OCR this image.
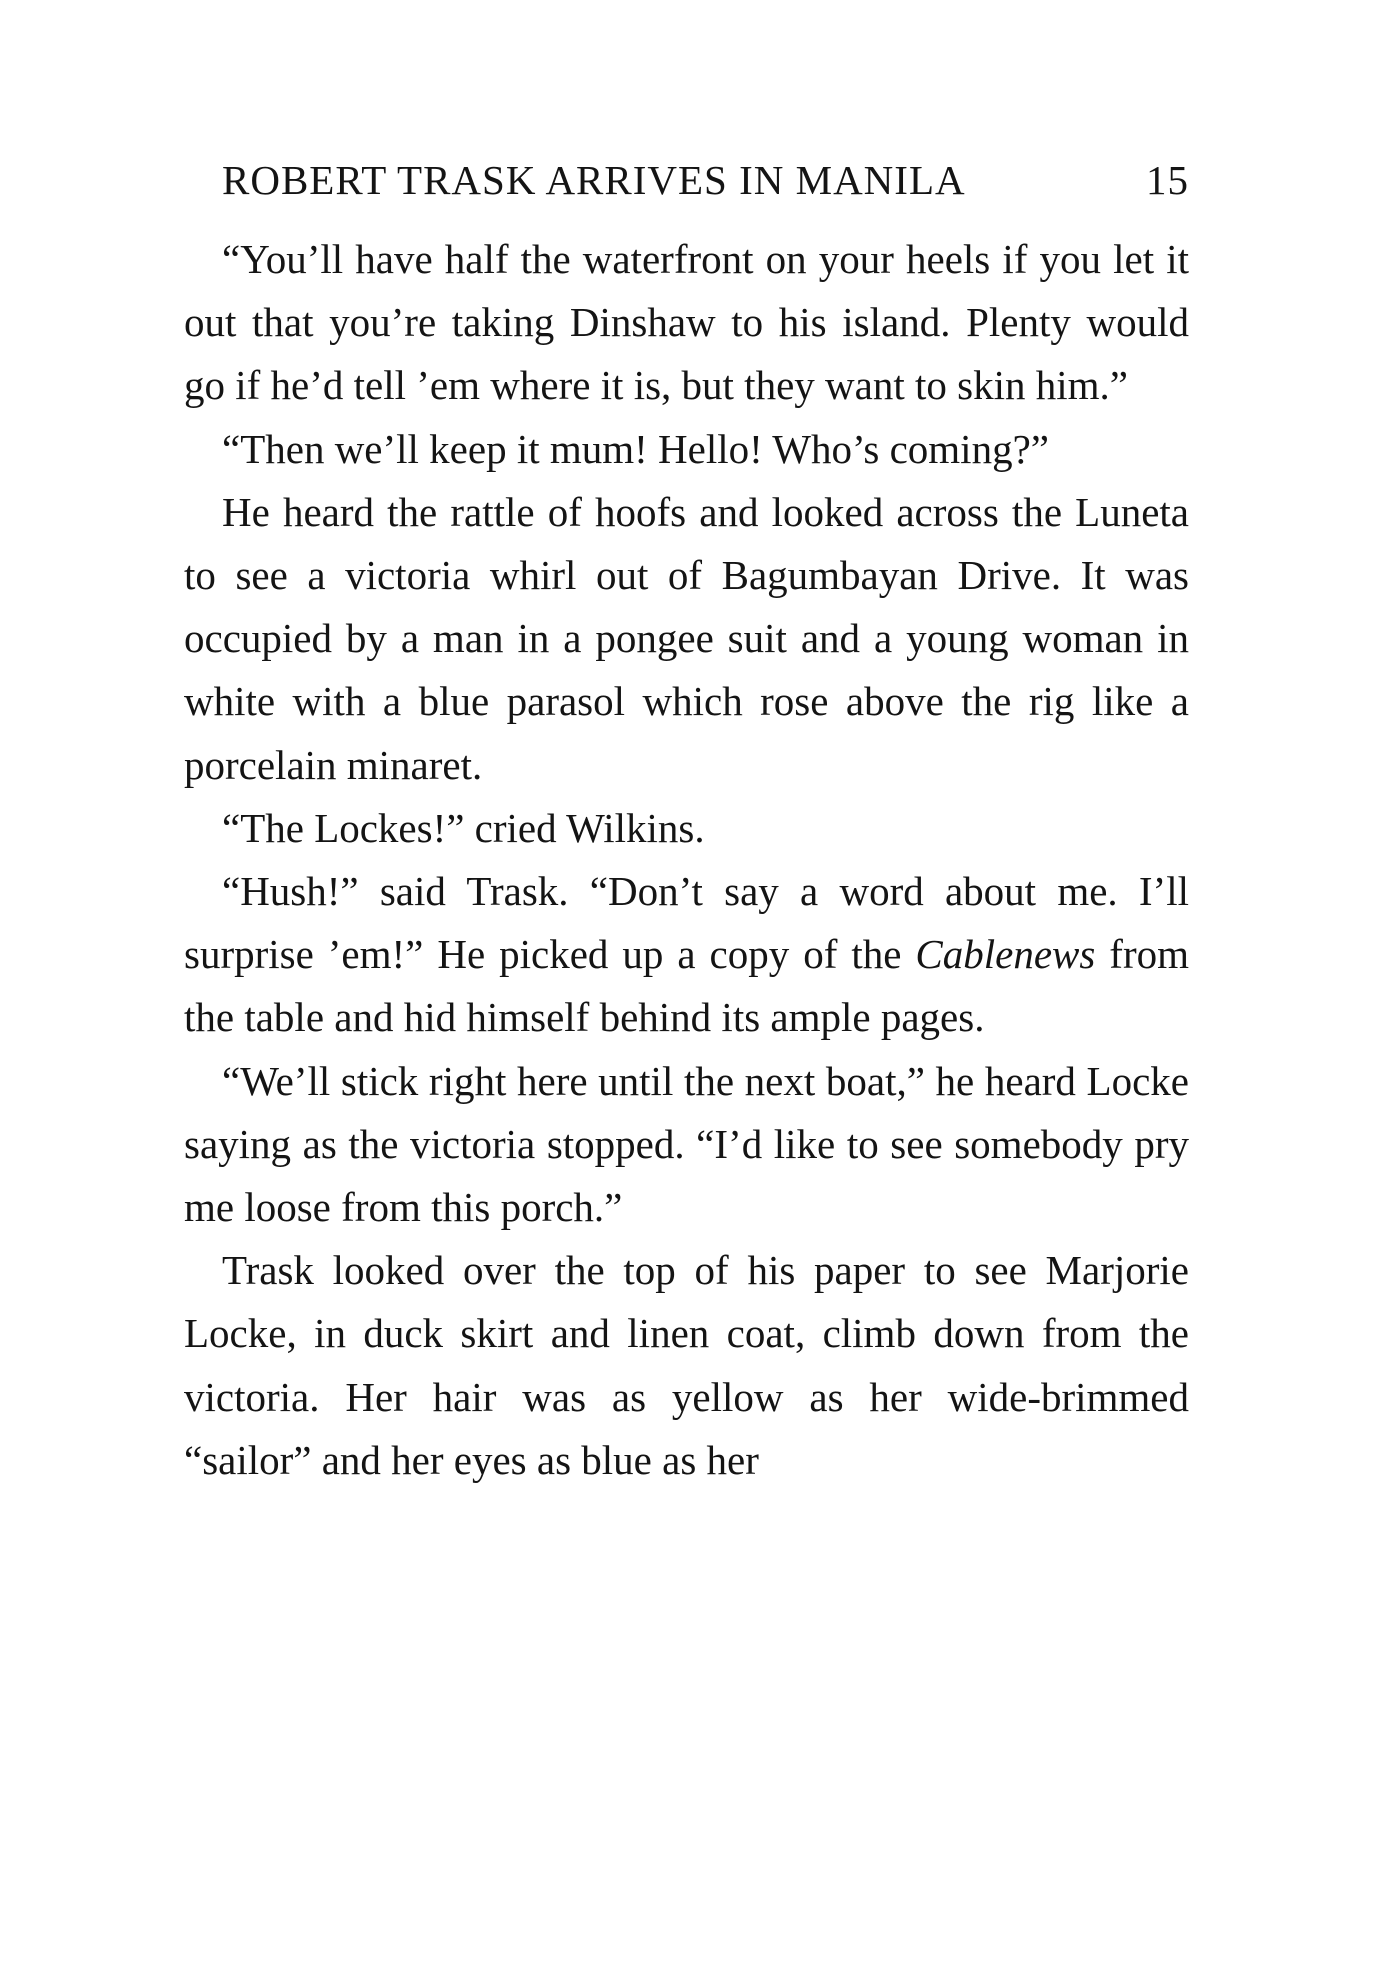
ROBERT TRASK ARRIVES IN MANILA	15

“You’ll have half the waterfront on your heels if you let it out that you’re taking Dinshaw to his island. Plenty would go if he’d tell ’em where it is, but they want to skin him.”

“Then we’ll keep it mum! Hello! Who’s coming?”

He heard the rattle of hoofs and looked across the Luneta to see a victoria whirl out of Bagumbayan Drive. It was occupied by a man in a pongee suit and a young woman in white with a blue parasol which rose above the rig like a porcelain minaret.

“The Lockes!” cried Wilkins.

“Hush!” said Trask. “Don’t say a word about me. I’ll surprise ’em!” He picked up a copy of the Cablenews from the table and hid himself behind its ample pages.

“We’ll stick right here until the next boat,” he heard Locke saying as the victoria stopped. “I’d like to see somebody pry me loose from this porch.”

Trask looked over the top of his paper to see Marjorie Locke, in duck skirt and linen coat, climb down from the victoria. Her hair was as yellow as her wide-brimmed “sailor” and her eyes as blue as her
